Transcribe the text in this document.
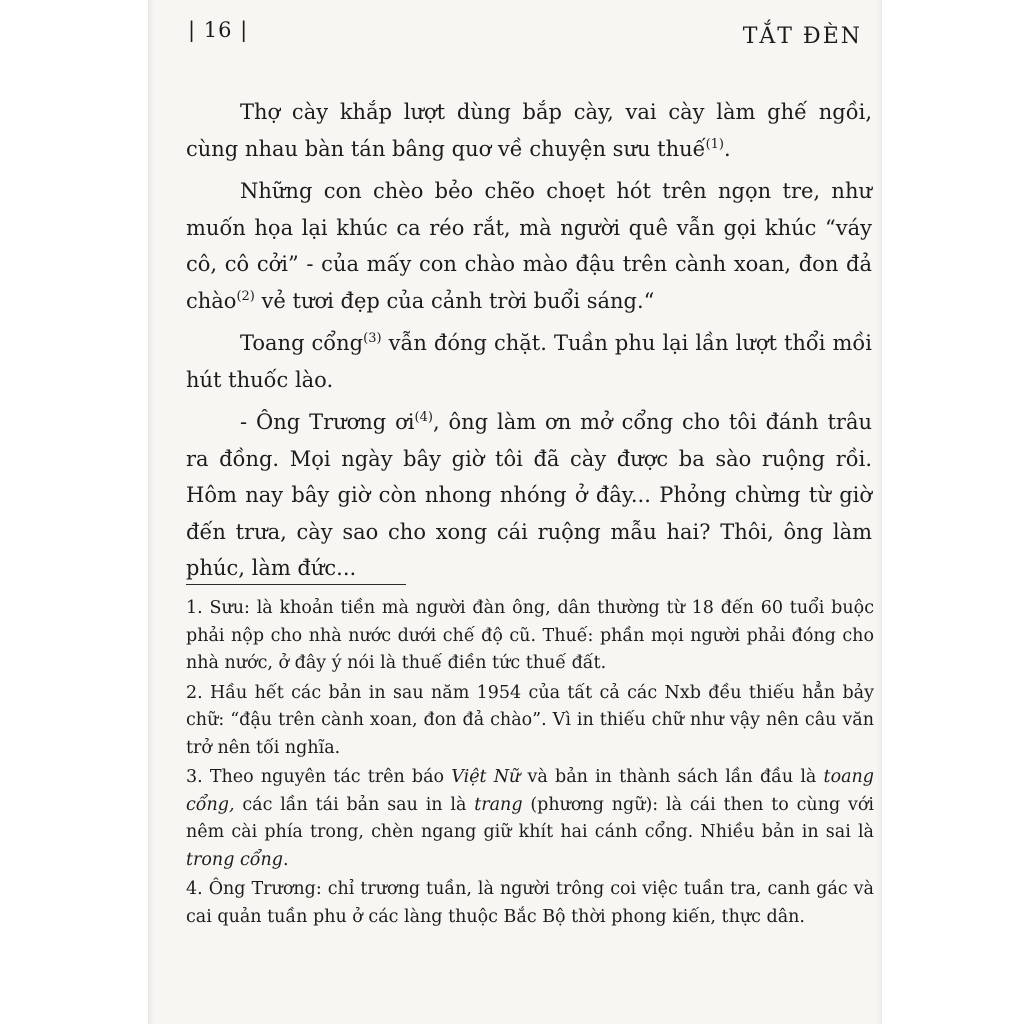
| 16 |	TẮT ĐÈN

Thợ cày khắp lượt dùng bắp cày, vai cày làm ghế ngồi, cùng nhau bàn tán bâng quơ về chuyện sưu thuế$^{(1)}$.

Những con chèo bẻo chẽo choẹt hót trên ngọn tre, như muốn họa lại khúc ca réo rắt, mà người quê vẫn gọi khúc “váy cô, cô cởi” - của mấy con chào mào đậu trên cành xoan, đon đả chào$^{(2)}$ vẻ tươi đẹp của cảnh trời buổi sáng.“

Toang cổng$^{(3)}$ vẫn đóng chặt. Tuần phu lại lần lượt thổi mồi hút thuốc lào.

- Ông Trương $ơi^{(4)}$, ông làm ơn mở cổng cho tôi đánh trâu ra đồng. Mọi ngày bây giờ tôi đã cày được ba sào ruộng rồi. Hôm nay bây giờ còn nhong nhóng ở đây... Phỏng chừng từ giờ đến trưa, cày sao cho xong cái ruộng mẫu hai? Thôi, ông làm phúc, làm đức...

1. Sưu: là khoản tiền mà người đàn ông, dân thường từ 18 đến 60 tuổi buộc phải nộp cho nhà nước dưới chế độ cũ. Thuế: phần mọi người phải đóng cho nhà nước, ở đây ý nói là thuế điền tức thuế đất.

2. Hầu hết các bản in sau năm 1954 của tất cả các Nxb đều thiếu hẳn bảy chữ: “đậu trên cành xoan, đon đả chào”. Vì in thiếu chữ như vậy nên câu văn trở nên tối nghĩa.

3. Theo nguyên tác trên báo Việt Nữ và bản in thành sách lần đầu là toang cổng, các lần tái bản sau in là trang (phương ngữ): là cái then to cùng với nêm cài phía trong, chèn ngang giữ khít hai cánh cổng. Nhiều bản in sai là trong cổng.

4. Ông Trương: chỉ trương tuần, là người trông coi việc tuần tra, canh gác và cai quản tuần phu ở các làng thuộc Bắc Bộ thời phong kiến, thực dân.
